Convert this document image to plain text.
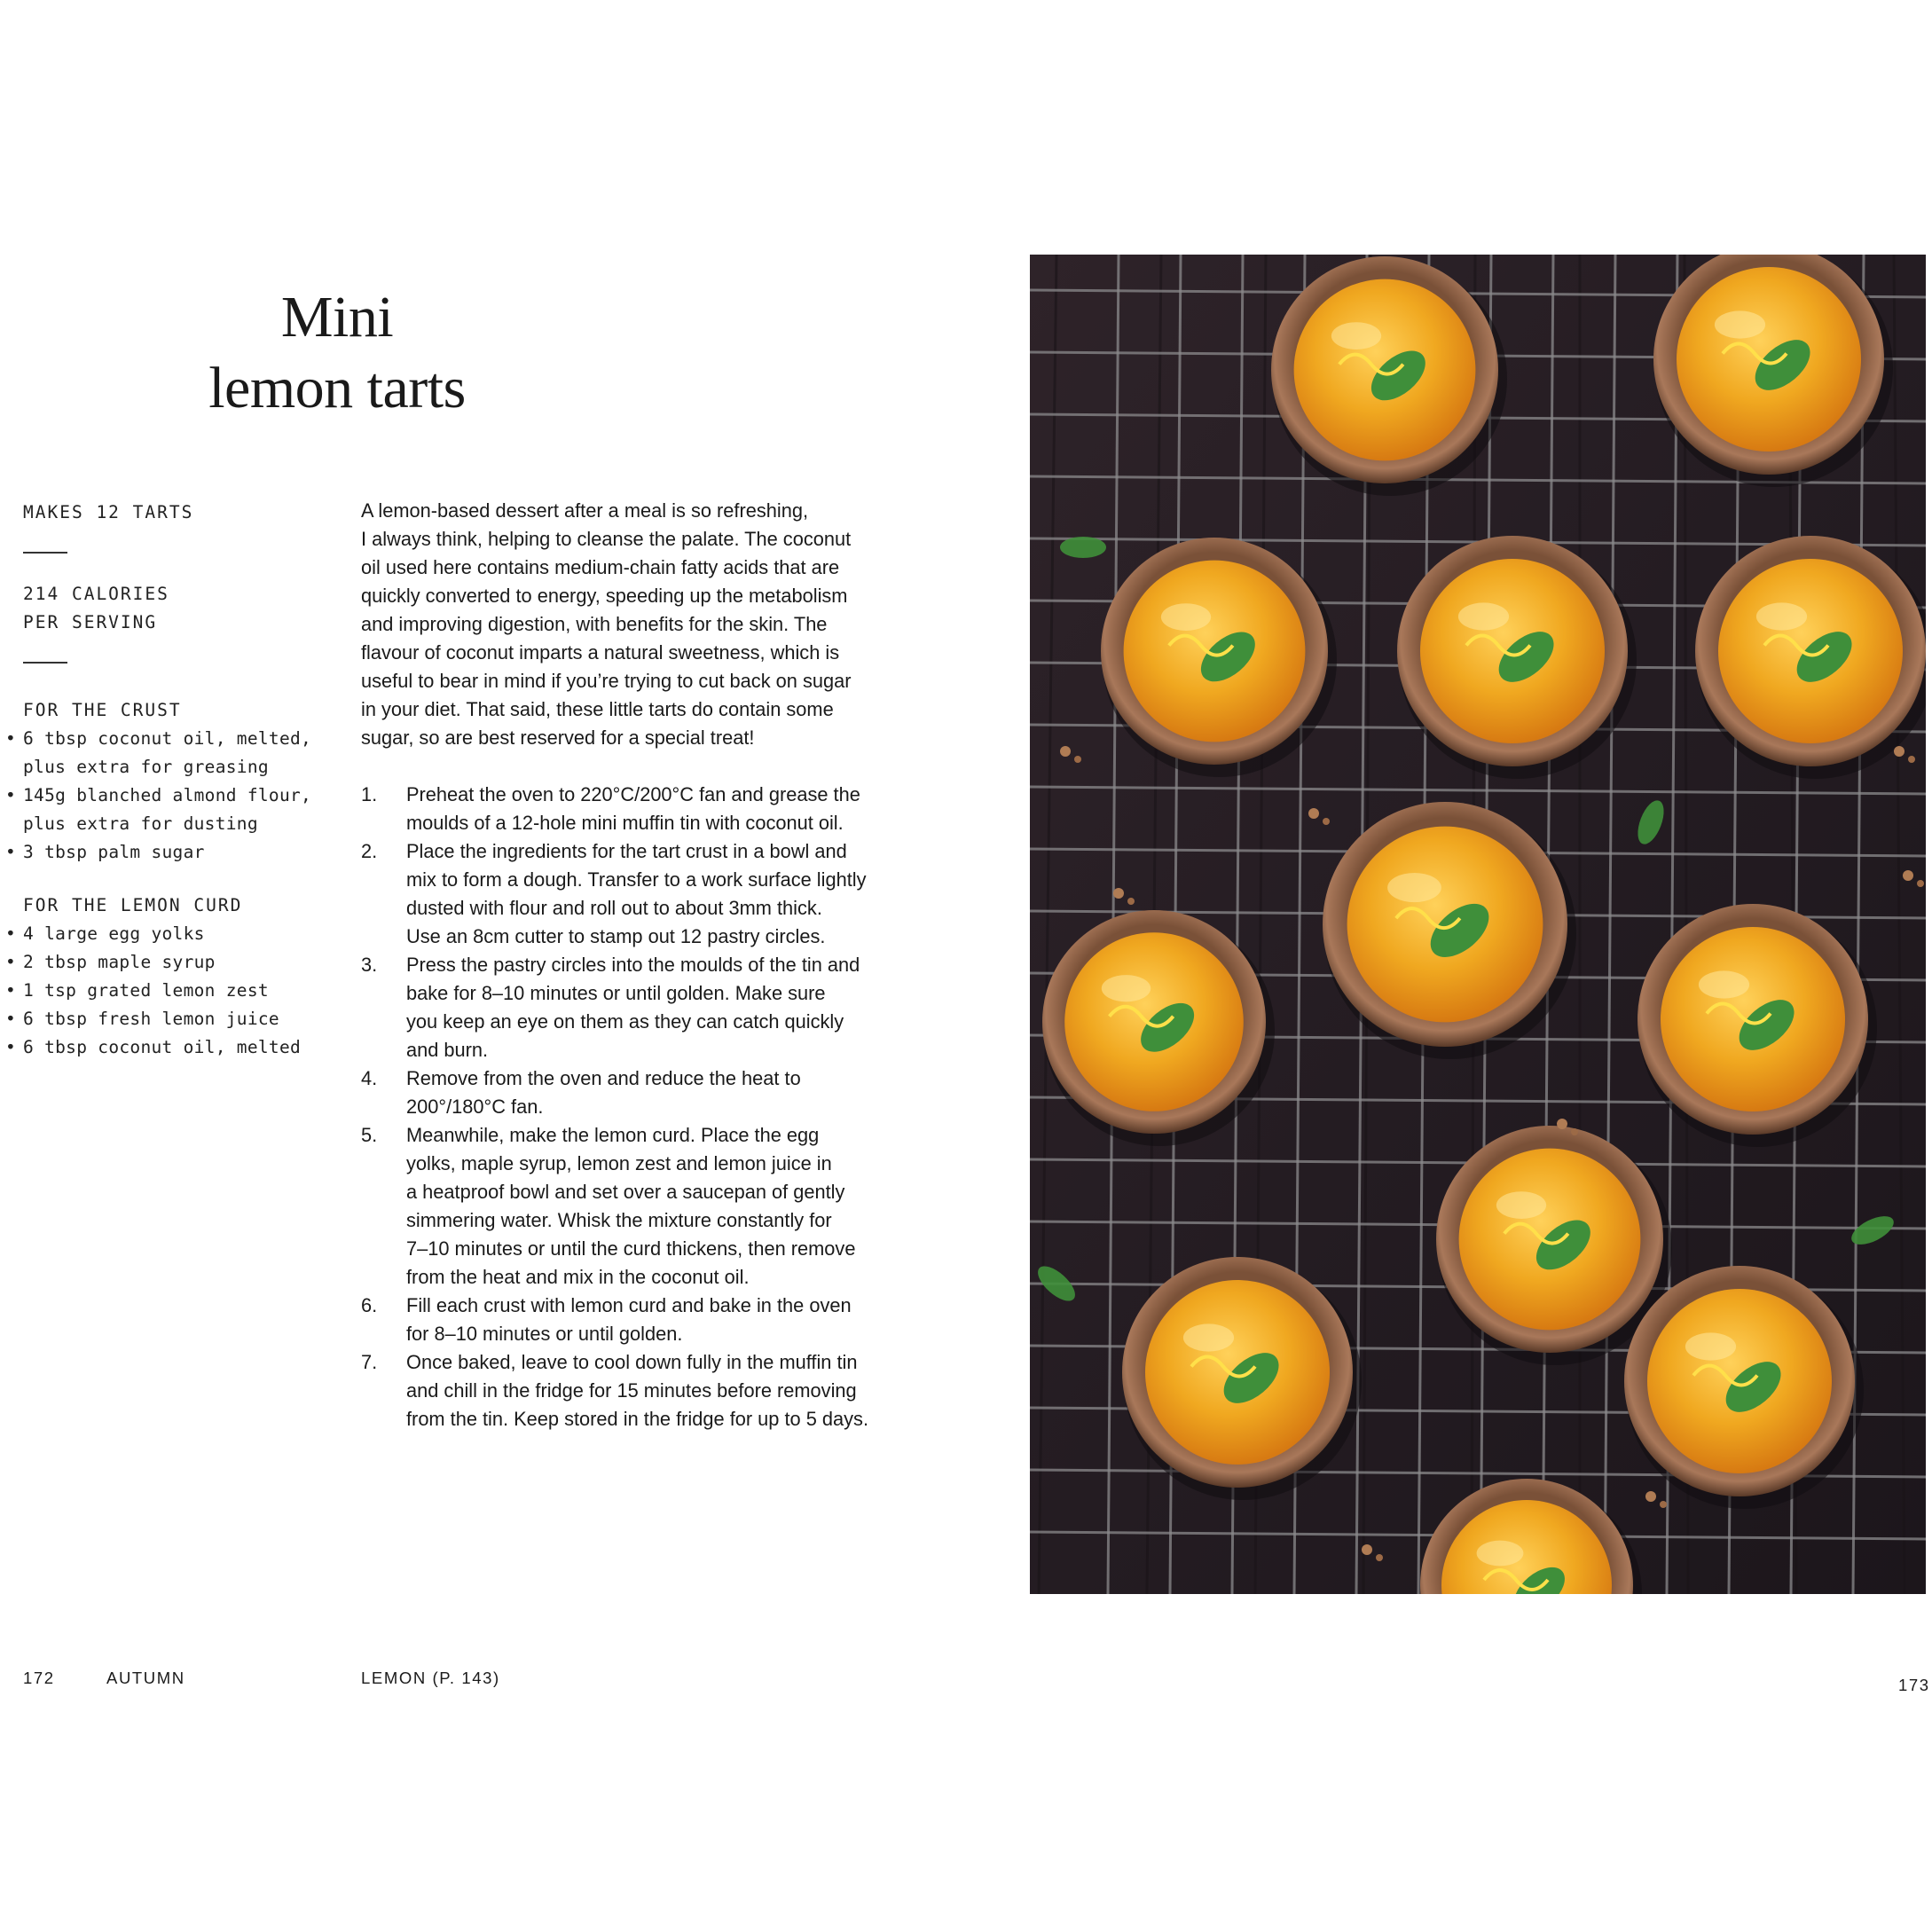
Mini
lemon tarts
MAKES 12 TARTS
214 CALORIES
PER SERVING
FOR THE CRUST
• 6 tbsp coconut oil, melted,
plus extra for greasing
• 145g blanched almond flour,
plus extra for dusting
• 3 tbsp palm sugar
FOR THE LEMON CURD
• 4 large egg yolks
• 2 tbsp maple syrup
• 1 tsp grated lemon zest
• 6 tbsp fresh lemon juice
• 6 tbsp coconut oil, melted
A lemon-based dessert after a meal is so refreshing,
I always think, helping to cleanse the palate. The coconut
oil used here contains medium-chain fatty acids that are
quickly converted to energy, speeding up the metabolism
and improving digestion, with benefits for the skin. The
flavour of coconut imparts a natural sweetness, which is
useful to bear in mind if you’re trying to cut back on sugar
in your diet. That said, these little tarts do contain some
sugar, so are best reserved for a special treat!
1. Preheat the oven to 220°C/200°C fan and grease the
moulds of a 12-hole mini muffin tin with coconut oil.
2. Place the ingredients for the tart crust in a bowl and
mix to form a dough. Transfer to a work surface lightly
dusted with flour and roll out to about 3mm thick.
Use an 8cm cutter to stamp out 12 pastry circles.
3. Press the pastry circles into the moulds of the tin and
bake for 8–10 minutes or until golden. Make sure
you keep an eye on them as they can catch quickly
and burn.
4. Remove from the oven and reduce the heat to
200°/180°C fan.
5. Meanwhile, make the lemon curd. Place the egg
yolks, maple syrup, lemon zest and lemon juice in
a heatproof bowl and set over a saucepan of gently
simmering water. Whisk the mixture constantly for
7–10 minutes or until the curd thickens, then remove
from the heat and mix in the coconut oil.
6. Fill each crust with lemon curd and bake in the oven
for 8–10 minutes or until golden.
7. Once baked, leave to cool down fully in the muffin tin
and chill in the fridge for 15 minutes before removing
from the tin. Keep stored in the fridge for up to 5 days.
172	AUTUMN	LEMON (P. 143)	173
